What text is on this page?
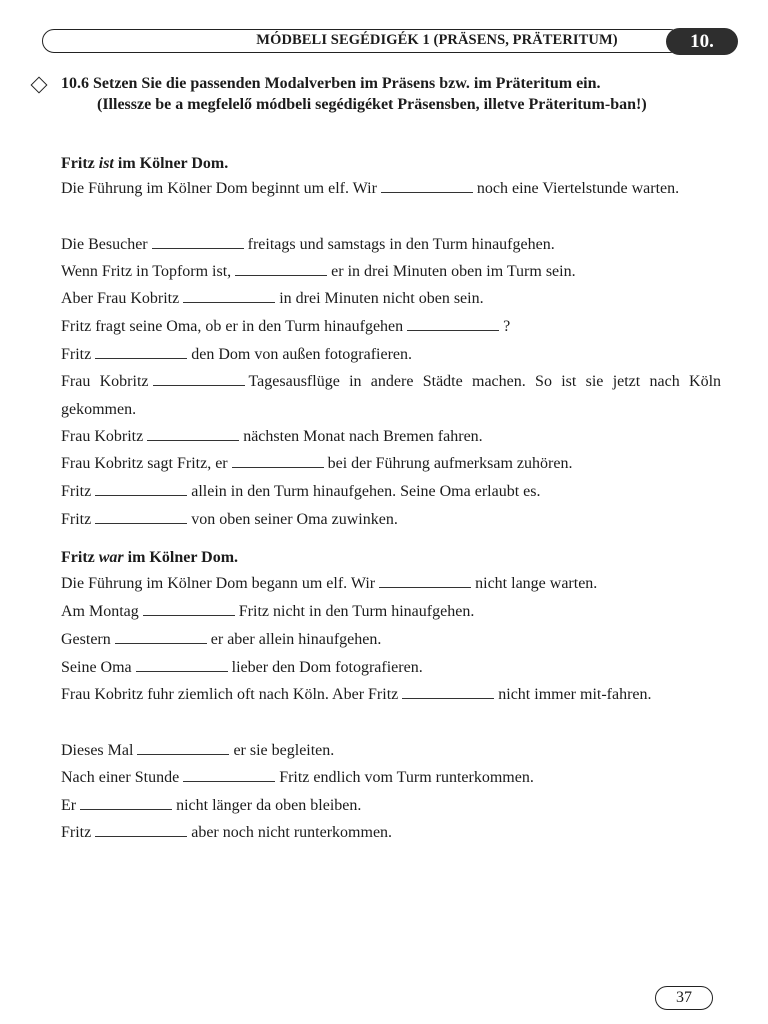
MÓDBELI SEGÉDIGÉK 1 (PRÄSENS, PRÄTERITUM)	10.
10.6 Setzen Sie die passenden Modalverben im Präsens bzw. im Präteritum ein.
(Illessze be a megfelelő módbeli segédigéket Präsensben, illetve Präteritum-ban!)
Fritz ist im Kölner Dom.
Fritz war im Kölner Dom.
37
Die Führung im Kölner Dom beginnt um elf. Wir	noch eine Viertelstunde warten.
Die Besucher	freitags und samstags in den Turm hinaufgehen.
Wenn Fritz in Topform ist,	er in drei Minuten oben im Turm sein.
Aber Frau Kobritz	in drei Minuten nicht oben sein.
Fritz fragt seine Oma, ob er in den Turm hinaufgehen	?
Fritz	den Dom von außen fotografieren.
Frau Kobritz	Tagesausflüge in andere Städte machen. So ist sie jetzt nach Köln gekommen.
Frau Kobritz	nächsten Monat nach Bremen fahren.
Frau Kobritz sagt Fritz, er	bei der Führung aufmerksam zuhören.
Fritz	allein in den Turm hinaufgehen. Seine Oma erlaubt es.
Fritz	von oben seiner Oma zuwinken.
Die Führung im Kölner Dom begann um elf. Wir	nicht lange warten.
Am Montag	Fritz nicht in den Turm hinaufgehen.
Gestern	er aber allein hinaufgehen.
Seine Oma	lieber den Dom fotografieren.
Frau Kobritz fuhr ziemlich oft nach Köln. Aber Fritz	nicht immer mit-fahren.
Dieses Mal	er sie begleiten.
Nach einer Stunde	Fritz endlich vom Turm runterkommen.
Er	nicht länger da oben bleiben.
Fritz	aber noch nicht runterkommen.
